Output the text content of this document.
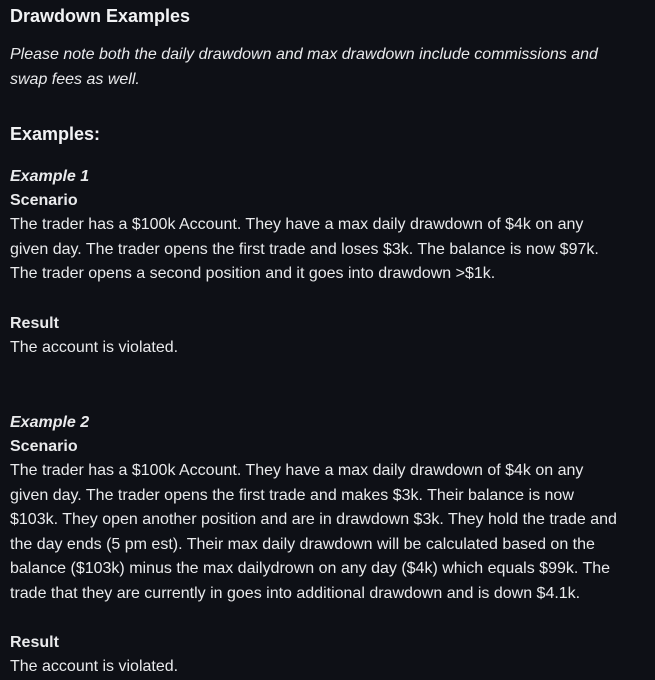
Drawdown Examples

Please note both the daily drawdown and max drawdown include commissions and swap fees as well.

Examples:

Example 1

Scenario

The trader has a $100k Account. They have a max daily drawdown of $4k on any given day. The trader opens the first trade and loses $3k. The balance is now $97k. The trader opens a second position and it goes into drawdown >$1k.

Result

The account is violated.

Example 2

Scenario

The trader has a $100k Account. They have a max daily drawdown of $4k on any given day. The trader opens the first trade and makes $3k. Their balance is now $103k. They open another position and are in drawdown $3k. They hold the trade and the day ends (5 pm est). Their max daily drawdown will be calculated based on the balance ($103k) minus the max dailydrown on any day ($4k) which equals $99k. The trade that they are currently in goes into additional drawdown and is down $4.1k.

Result

The account is violated.
